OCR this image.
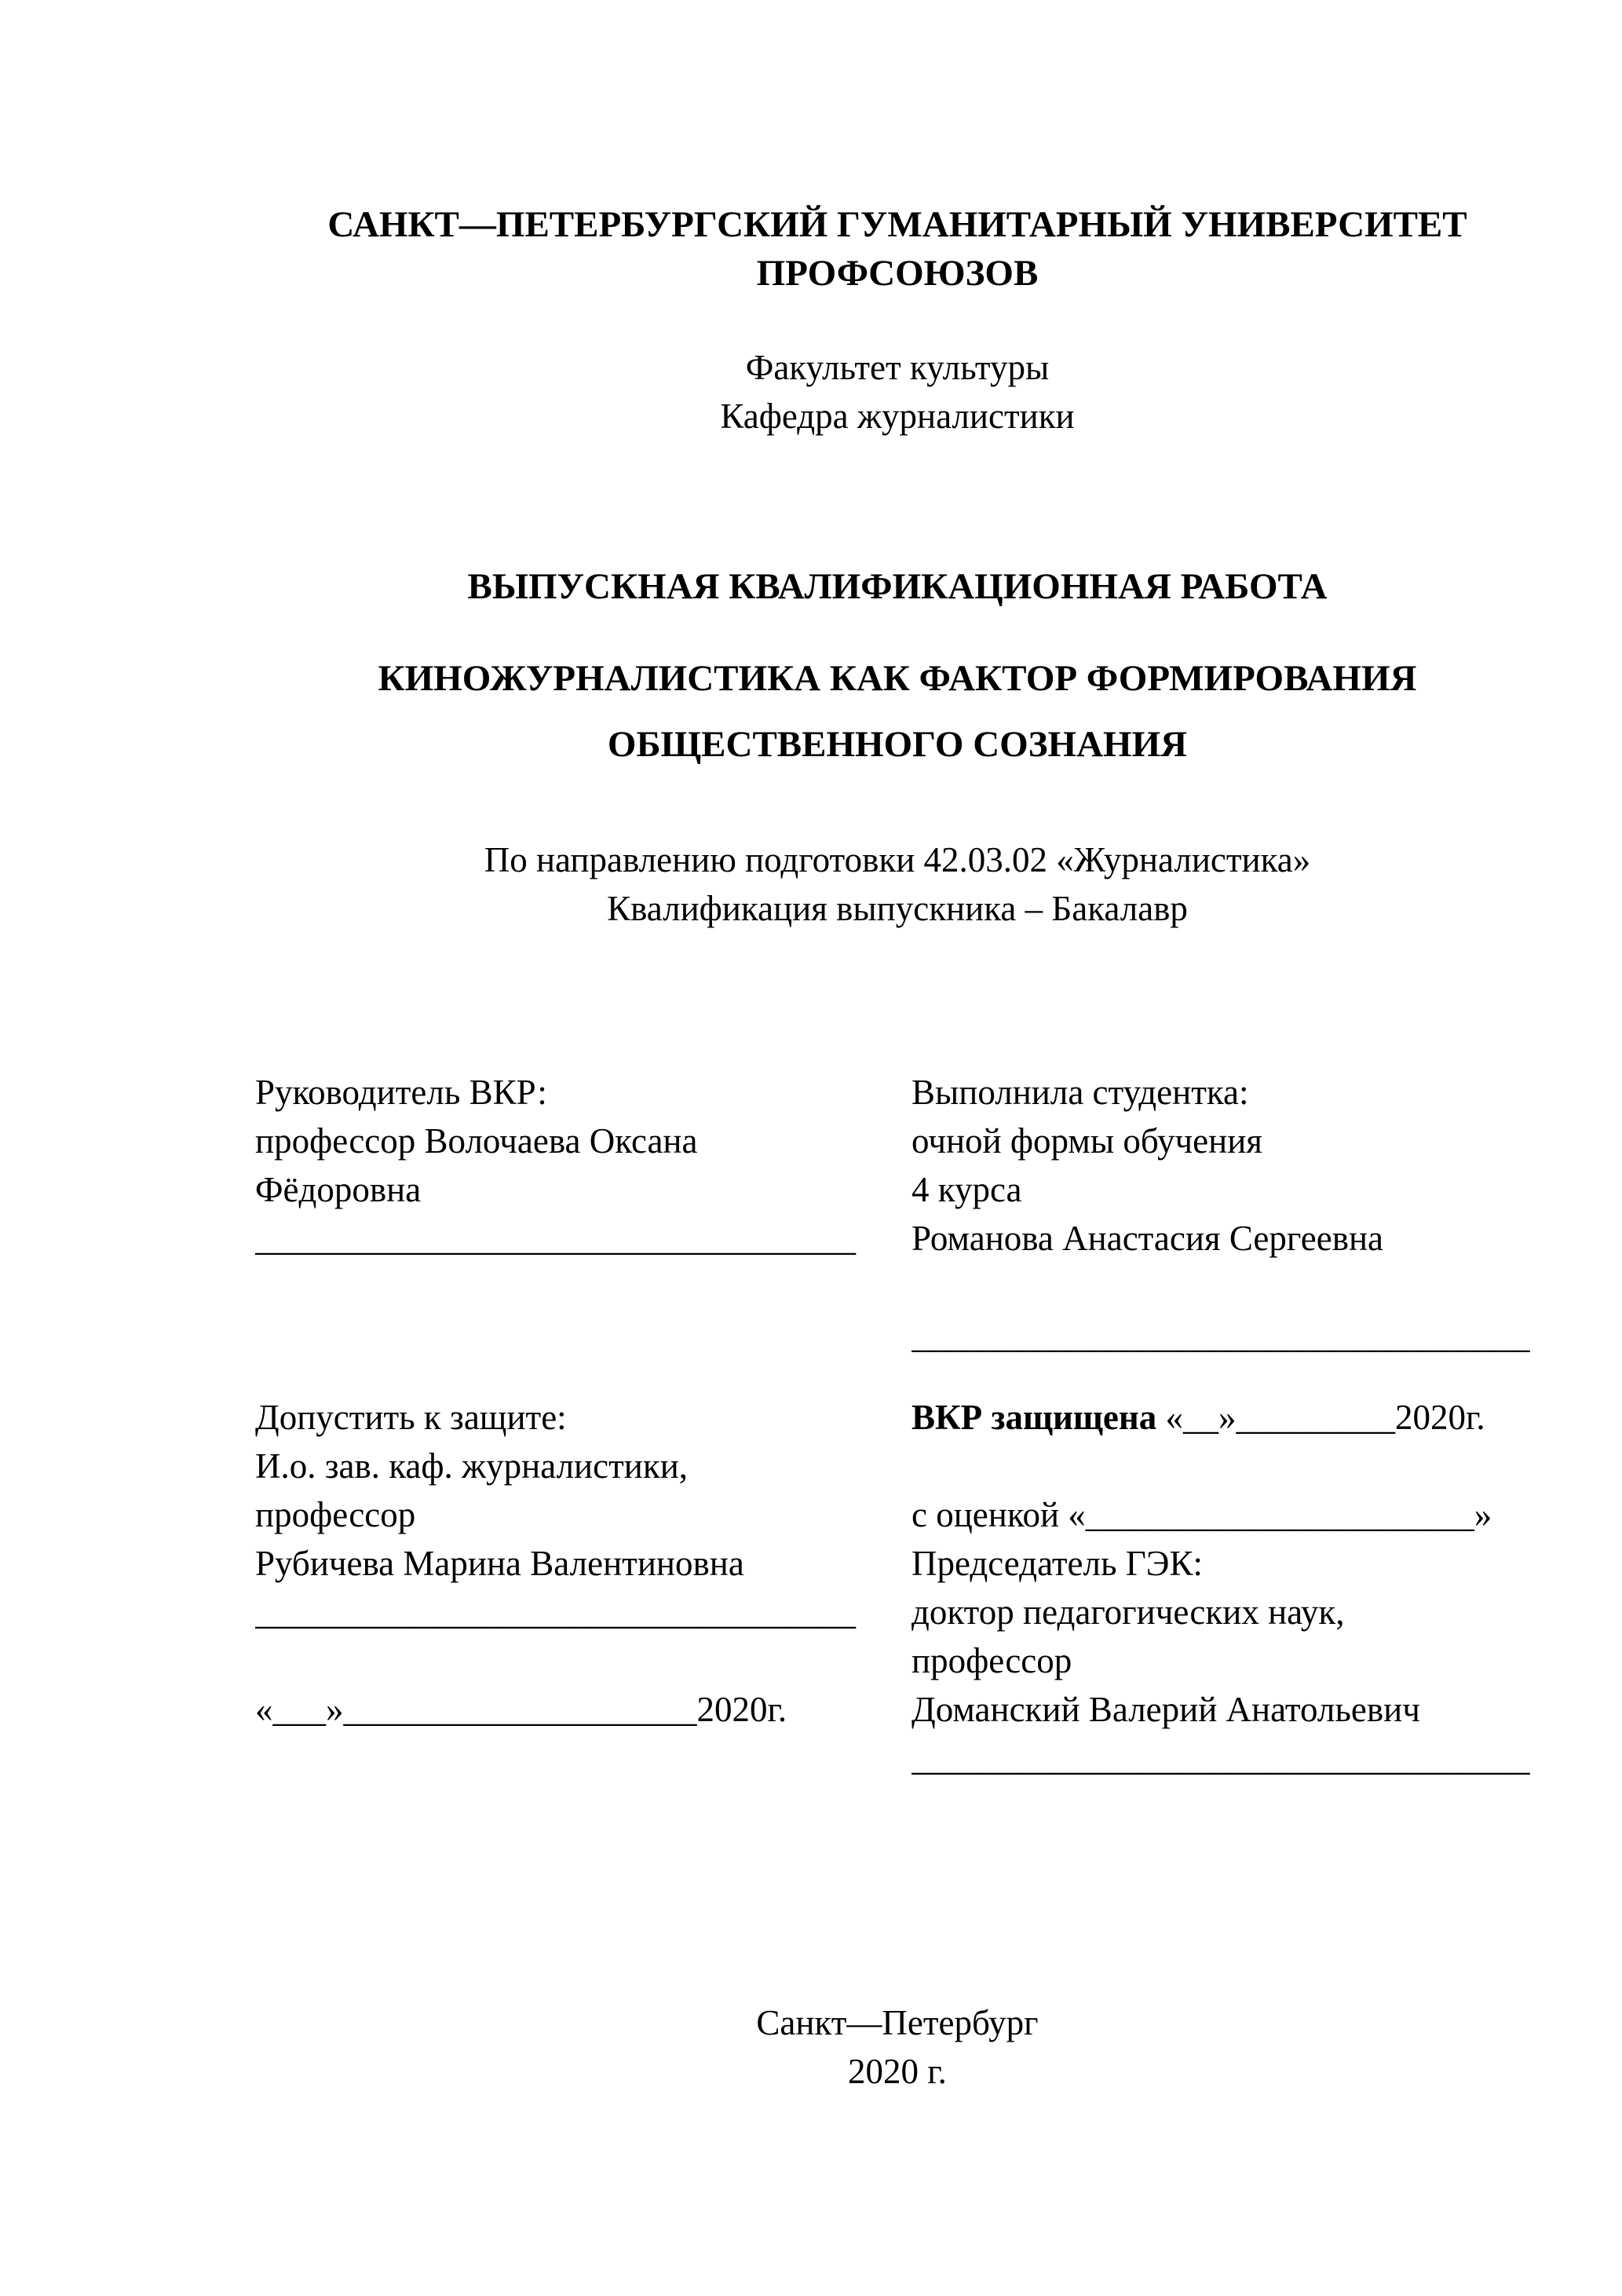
САНКТ—ПЕТЕРБУРГСКИЙ ГУМАНИТАРНЫЙ УНИВЕРСИТЕТ
ПРОФСОЮЗОВ
Факультет культуры
Кафедра журналистики
ВЫПУСКНАЯ КВАЛИФИКАЦИОННАЯ РАБОТА
КИНОЖУРНАЛИСТИКА КАК ФАКТОР ФОРМИРОВАНИЯ
ОБЩЕСТВЕННОГО СОЗНАНИЯ
По направлению подготовки 42.03.02 «Журналистика»
Квалификация выпускника – Бакалавр
Руководитель ВКР:
профессор Волочаева Оксана
Фёдоровна
__________________________________
Выполнила студентка:
очной формы обучения
4 курса
Романова Анастасия Сергеевна
___________________________________
Допустить к защите:
И.о. зав. каф. журналистики,
профессор
Рубичева Марина Валентиновна
__________________________________
«___»____________________2020г.
ВКР защищена «__»_________2020г.
с оценкой «______________________»
Председатель ГЭК:
доктор педагогических наук,
профессор
Доманский Валерий Анатольевич
___________________________________
Санкт—Петербург
2020 г.
